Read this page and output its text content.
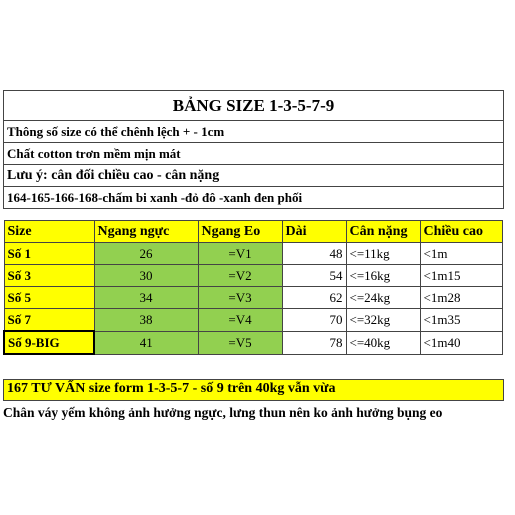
BẢNG SIZE 1-3-5-7-9
Thông số size có thể chênh lệch + - 1cm
Chất cotton trơn mềm mịn mát
Lưu ý: cân đối chiều cao - cân nặng
164-165-166-168-chấm bi xanh -đỏ đô -xanh đen phối
Size	Ngang ngực	Ngang Eo	Dài	Cân nặng	Chiều cao
Số 1	26	=V1	48	<=11kg	<1m
Số 3	30	=V2	54	<=16kg	<1m15
Số 5	34	=V3	62	<=24kg	<1m28
Số 7	38	=V4	70	<=32kg	<1m35
Số 9-BIG	41	=V5	78	<=40kg	<1m40
167 TƯ VẤN size form 1-3-5-7 - số 9 trên 40kg vẫn vừa
Chân váy yếm không ảnh hưởng ngực, lưng thun nên ko ảnh hưởng bụng eo
